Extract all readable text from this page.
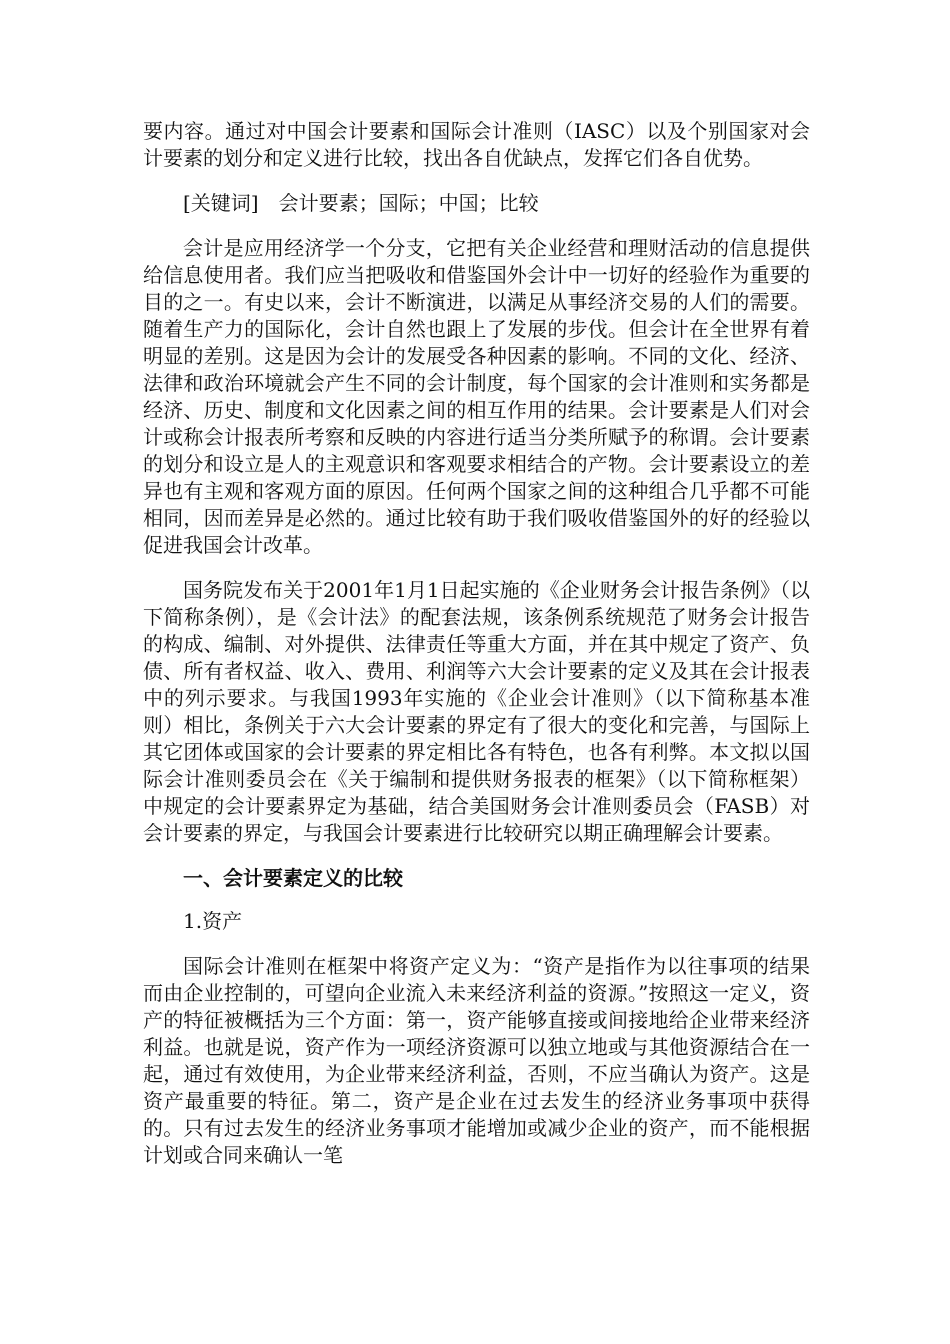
要内容。通过对中国会计要素和国际会计准则（IASC）以及个别国家对会计要素的划分和定义进行比较，找出各自优缺点，发挥它们各自优势。

[关键词] 会计要素；国际；中国；比较

会计是应用经济学一个分支，它把有关企业经营和理财活动的信息提供给信息使用者。我们应当把吸收和借鉴国外会计中一切好的经验作为重要的目的之一。有史以来，会计不断演进，以满足从事经济交易的人们的需要。随着生产力的国际化，会计自然也跟上了发展的步伐。但会计在全世界有着明显的差别。这是因为会计的发展受各种因素的影响。不同的文化、经济、法律和政治环境就会产生不同的会计制度，每个国家的会计准则和实务都是经济、历史、制度和文化因素之间的相互作用的结果。会计要素是人们对会计或称会计报表所考察和反映的内容进行适当分类所赋予的称谓。会计要素的划分和设立是人的主观意识和客观要求相结合的产物。会计要素设立的差异也有主观和客观方面的原因。任何两个国家之间的这种组合几乎都不可能相同，因而差异是必然的。通过比较有助于我们吸收借鉴国外的好的经验以促进我国会计改革。

国务院发布关于2001年1月1日起实施的《企业财务会计报告条例》（以下简称条例），是《会计法》的配套法规，该条例系统规范了财务会计报告的构成、编制、对外提供、法律责任等重大方面，并在其中规定了资产、负债、所有者权益、收入、费用、利润等六大会计要素的定义及其在会计报表中的列示要求。与我国1993年实施的《企业会计准则》（以下简称基本准则）相比，条例关于六大会计要素的界定有了很大的变化和完善，与国际上其它团体或国家的会计要素的界定相比各有特色，也各有利弊。本文拟以国际会计准则委员会在《关于编制和提供财务报表的框架》（以下简称框架）中规定的会计要素界定为基础，结合美国财务会计准则委员会（FASB）对会计要素的界定，与我国会计要素进行比较研究以期正确理解会计要素。

一、会计要素定义的比较

1.资产

国际会计准则在框架中将资产定义为：“资产是指作为以往事项的结果而由企业控制的，可望向企业流入未来经济利益的资源。”按照这一定义，资产的特征被概括为三个方面：第一，资产能够直接或间接地给企业带来经济利益。也就是说，资产作为一项经济资源可以独立地或与其他资源结合在一起，通过有效使用，为企业带来经济利益，否则，不应当确认为资产。这是资产最重要的特征。第二，资产是企业在过去发生的经济业务事项中获得的。只有过去发生的经济业务事项才能增加或减少企业的资产，而不能根据计划或合同来确认一笔
